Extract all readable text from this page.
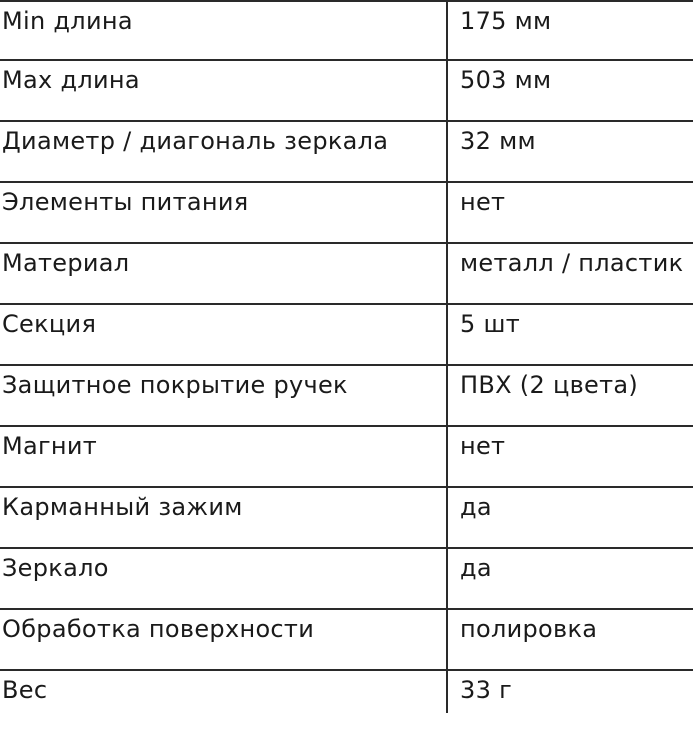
Min длина	175 мм
Max длина	503 мм
Диаметр / диагональ зеркала	32 мм
Элементы питания	нет
Материал	металл / пластик
Секция	5 шт
Защитное покрытие ручек	ПВХ (2 цвета)
Магнит	нет
Карманный зажим	да
Зеркало	да
Обработка поверхности	полировка
Вес	33 г
